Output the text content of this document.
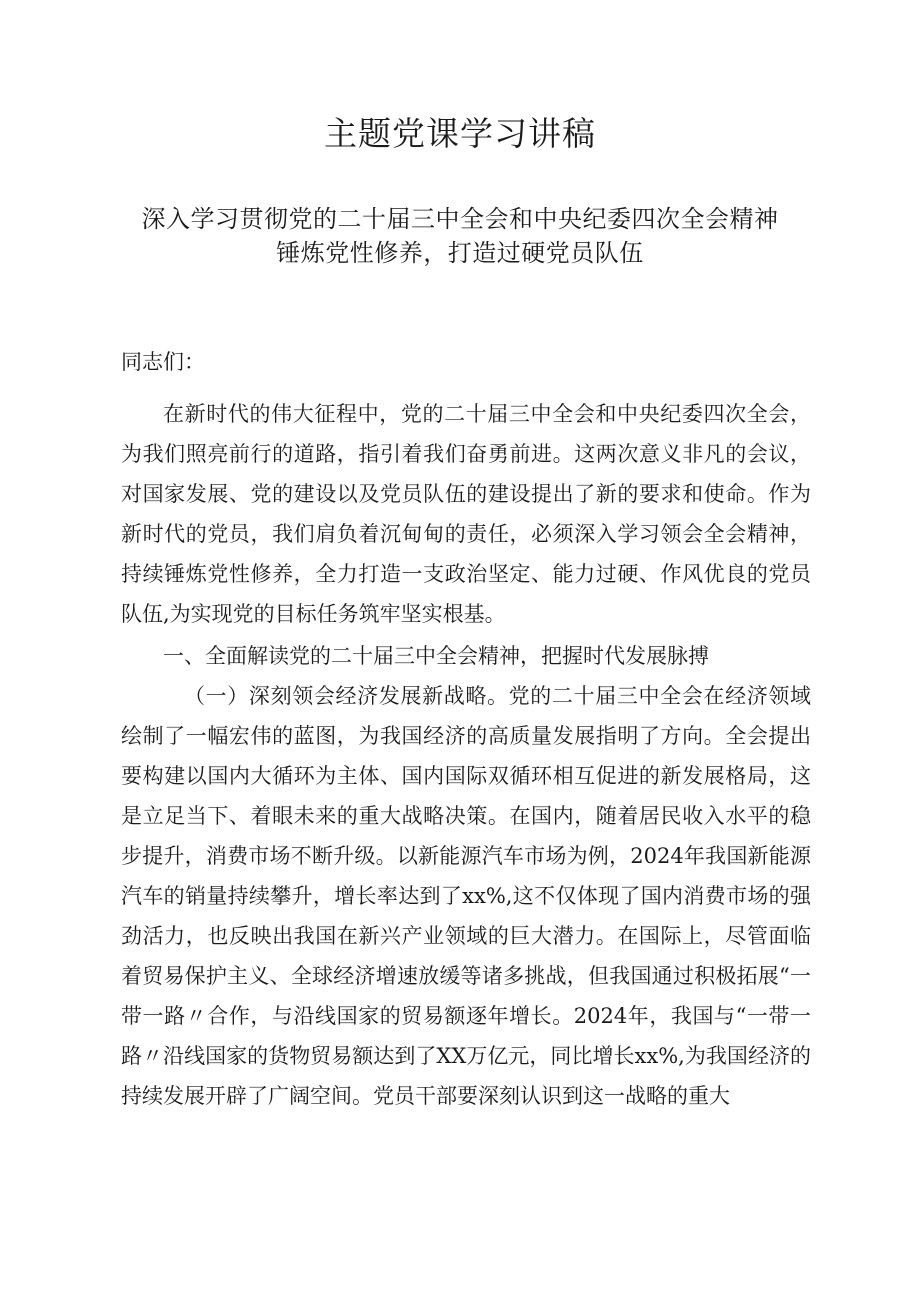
主题党课学习讲稿
深入学习贯彻党的二十届三中全会和中央纪委四次全会精神
锤炼党性修养，打造过硬党员队伍

同志们：

在新时代的伟大征程中，党的二十届三中全会和中央纪委四次全会，为我们照亮前行的道路，指引着我们奋勇前进。这两次意义非凡的会议，对国家发展、党的建设以及党员队伍的建设提出了新的要求和使命。作为新时代的党员，我们肩负着沉甸甸的责任，必须深入学习领会全会精神，持续锤炼党性修养，全力打造一支政治坚定、能力过硬、作风优良的党员队伍,为实现党的目标任务筑牢坚实根基。

一、全面解读党的二十届三中全会精神，把握时代发展脉搏

（一）深刻领会经济发展新战略。党的二十届三中全会在经济领域绘制了一幅宏伟的蓝图，为我国经济的高质量发展指明了方向。全会提出要构建以国内大循环为主体、国内国际双循环相互促进的新发展格局，这是立足当下、着眼未来的重大战略决策。在国内，随着居民收入水平的稳步提升，消费市场不断升级。以新能源汽车市场为例，2024年我国新能源汽车的销量持续攀升，增长率达到了xx%,这不仅体现了国内消费市场的强劲活力，也反映出我国在新兴产业领域的巨大潜力。在国际上，尽管面临着贸易保护主义、全球经济增速放缓等诸多挑战，但我国通过积极拓展“一带一路〃合作，与沿线国家的贸易额逐年增长。2024年，我国与“一带一路〃沿线国家的货物贸易额达到了XX万亿元，同比增长xx%,为我国经济的持续发展开辟了广阔空间。党员干部要深刻认识到这一战略的重大
